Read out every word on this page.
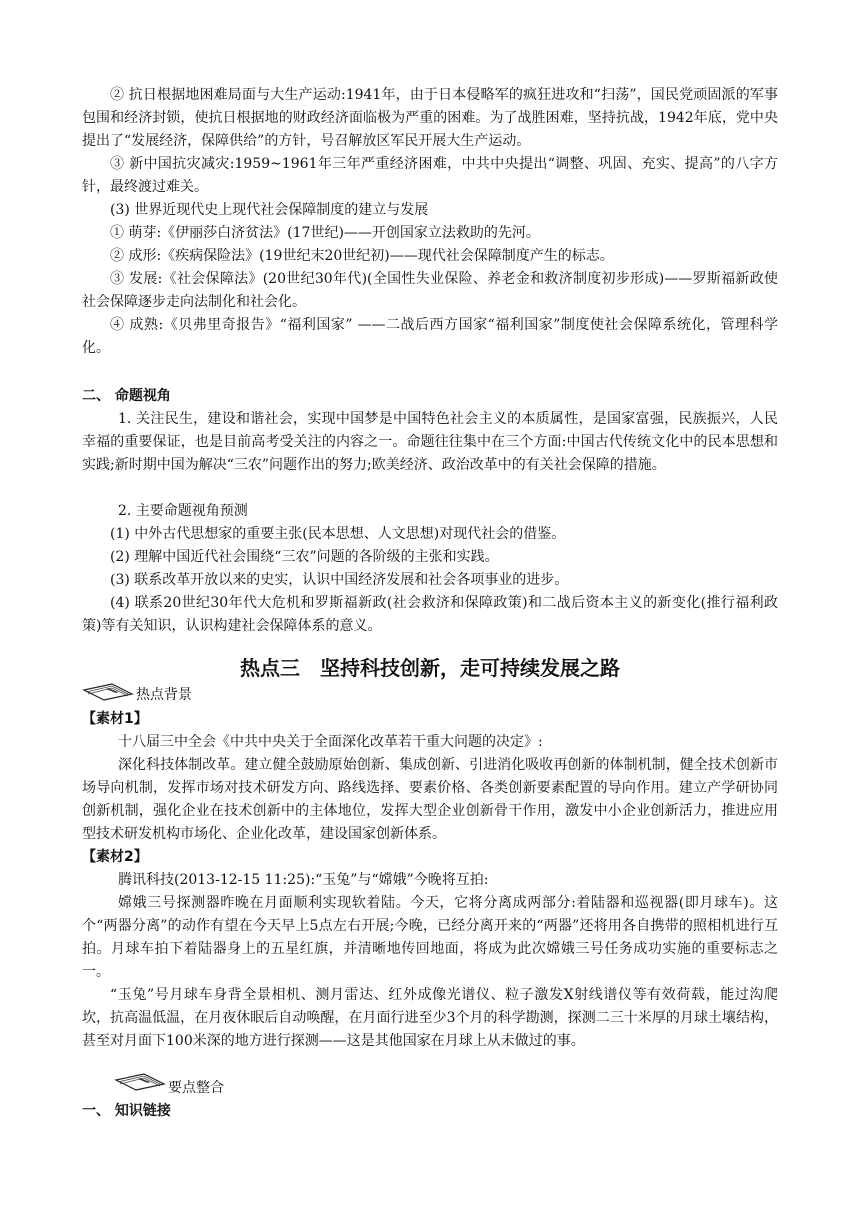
② 抗日根据地困难局面与大生产运动:1941年，由于日本侵略军的疯狂进攻和“扫荡”，国民党顽固派的军事包围和经济封锁，使抗日根据地的财政经济面临极为严重的困难。为了战胜困难，坚持抗战，1942年底，党中央提出了“发展经济，保障供给”的方针，号召解放区军民开展大生产运动。

③ 新中国抗灾减灾:1959~1961年三年严重经济困难，中共中央提出“调整、巩固、充实、提高”的八字方针，最终渡过难关。

(3) 世界近现代史上现代社会保障制度的建立与发展

① 萌芽:《伊丽莎白济贫法》(17世纪)——开创国家立法救助的先河。

② 成形:《疾病保险法》(19世纪末20世纪初)——现代社会保障制度产生的标志。

③ 发展:《社会保障法》(20世纪30年代)(全国性失业保险、养老金和救济制度初步形成)——罗斯福新政使社会保障逐步走向法制化和社会化。

④ 成熟:《贝弗里奇报告》“福利国家” ——二战后西方国家“福利国家”制度使社会保障系统化，管理科学化。

二、 命题视角

1. 关注民生，建设和谐社会，实现中国梦是中国特色社会主义的本质属性，是国家富强，民族振兴，人民幸福的重要保证，也是目前高考受关注的内容之一。命题往往集中在三个方面:中国古代传统文化中的民本思想和实践;新时期中国为解决“三农”问题作出的努力;欧美经济、政治改革中的有关社会保障的措施。

2. 主要命题视角预测

(1) 中外古代思想家的重要主张(民本思想、人文思想)对现代社会的借鉴。

(2) 理解中国近代社会围绕“三农”问题的各阶级的主张和实践。

(3) 联系改革开放以来的史实，认识中国经济发展和社会各项事业的进步。

(4) 联系20世纪30年代大危机和罗斯福新政(社会救济和保障政策)和二战后资本主义的新变化(推行福利政策)等有关知识，认识构建社会保障体系的意义。

热点三　坚持科技创新，走可持续发展之路
热点背景

【素材1】

十八届三中全会《中共中央关于全面深化改革若干重大问题的决定》:

深化科技体制改革。建立健全鼓励原始创新、集成创新、引进消化吸收再创新的体制机制，健全技术创新市场导向机制，发挥市场对技术研发方向、路线选择、要素价格、各类创新要素配置的导向作用。建立产学研协同创新机制，强化企业在技术创新中的主体地位，发挥大型企业创新骨干作用，激发中小企业创新活力，推进应用型技术研发机构市场化、企业化改革，建设国家创新体系。

【素材2】

腾讯科技(2013-12-15 11:25):“玉兔”与“嫦娥”今晚将互拍:

嫦娥三号探测器昨晚在月面顺利实现软着陆。今天，它将分离成两部分:着陆器和巡视器(即月球车)。这个“两器分离”的动作有望在今天早上5点左右开展;今晚，已经分离开来的“两器”还将用各自携带的照相机进行互拍。月球车拍下着陆器身上的五星红旗，并清晰地传回地面，将成为此次嫦娥三号任务成功实施的重要标志之一。

“玉兔”号月球车身背全景相机、测月雷达、红外成像光谱仪、粒子激发X射线谱仪等有效荷载，能过沟爬坎，抗高温低温，在月夜休眠后自动唤醒，在月面行进至少3个月的科学勘测，探测二三十米厚的月球土壤结构，甚至对月面下100米深的地方进行探测——这是其他国家在月球上从未做过的事。

要点整合

一、 知识链接
